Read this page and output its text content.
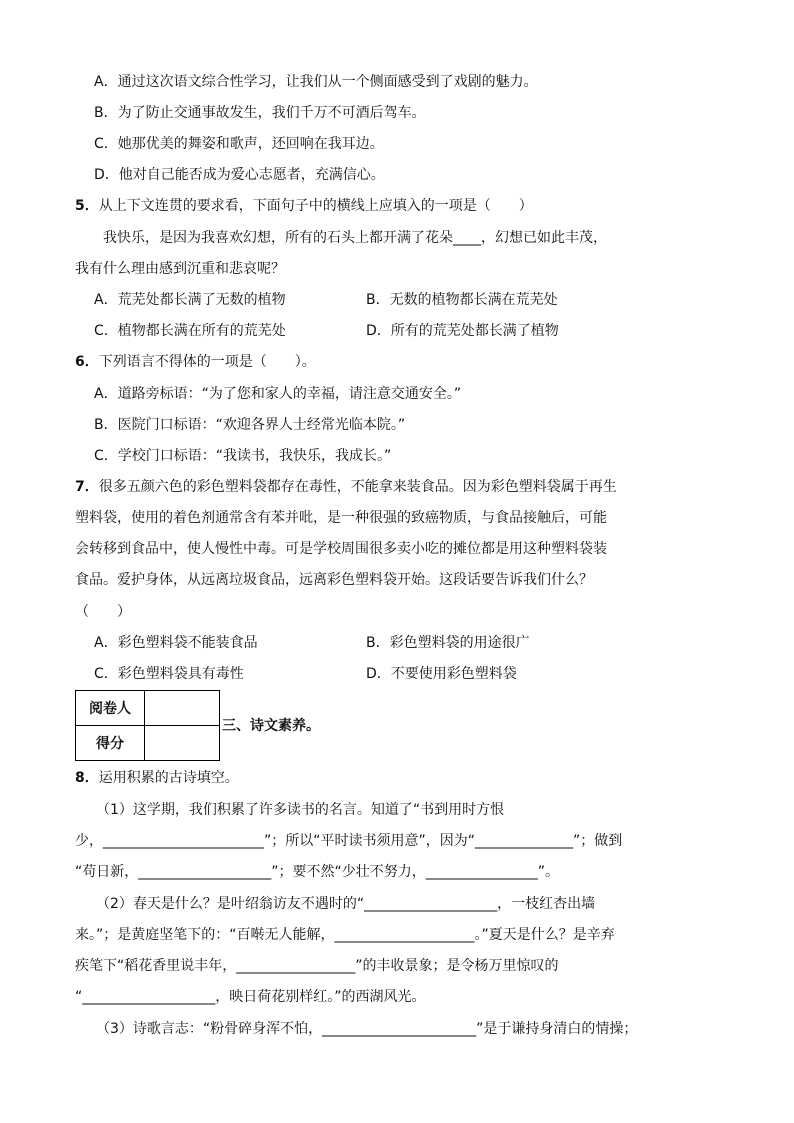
A．通过这次语文综合性学习，让我们从一个侧面感受到了戏剧的魅力。
B．为了防止交通事故发生，我们千万不可酒后驾车。
C．她那优美的舞姿和歌声，还回响在我耳边。
D．他对自己能否成为爱心志愿者，充满信心。
5．从上下文连贯的要求看，下面句子中的横线上应填入的一项是（　　）
我快乐，是因为我喜欢幻想，所有的石头上都开满了花朵____，幻想已如此丰茂，
我有什么理由感到沉重和悲哀呢？
A．荒芜处都长满了无数的植物	B．无数的植物都长满在荒芜处
C．植物都长满在所有的荒芜处	D．所有的荒芜处都长满了植物
6．下列语言不得体的一项是（　　）。
A．道路旁标语：“为了您和家人的幸福，请注意交通安全。”
B．医院门口标语：“欢迎各界人士经常光临本院。”
C．学校门口标语：“我读书，我快乐，我成长。”
7．很多五颜六色的彩色塑料袋都存在毒性，不能拿来装食品。因为彩色塑料袋属于再生
塑料袋，使用的着色剂通常含有苯并吡，是一种很强的致癌物质，与食品接触后，可能
会转移到食品中，使人慢性中毒。可是学校周围很多卖小吃的摊位都是用这种塑料袋装
食品。爱护身体，从远离垃圾食品，远离彩色塑料袋开始。这段话要告诉我们什么？
（　　）
A．彩色塑料袋不能装食品	B．彩色塑料袋的用途很广
C．彩色塑料袋具有毒性	D．不要使用彩色塑料袋
阅卷人	
得分	
三、诗文素养。
8．运用积累的古诗填空。
（1）这学期，我们积累了许多读书的名言。知道了“书到用时方恨
少，_______________________”；所以“平时读书须用意”，因为“______________”；做到
“苟日新，___________________”；要不然“少壮不努力，________________”。
（2）春天是什么？是叶绍翁访友不遇时的“___________________，一枝红杏出墙
来。”；是黄庭坚笔下的：“百啭无人能解，____________________。”夏天是什么？是辛弃
疾笔下“稻花香里说丰年，_________________”的丰收景象；是令杨万里惊叹的
“___________________，映日荷花别样红。”的西湖风光。
（3）诗歌言志：“粉骨碎身浑不怕，______________________”是于谦持身清白的情操；
